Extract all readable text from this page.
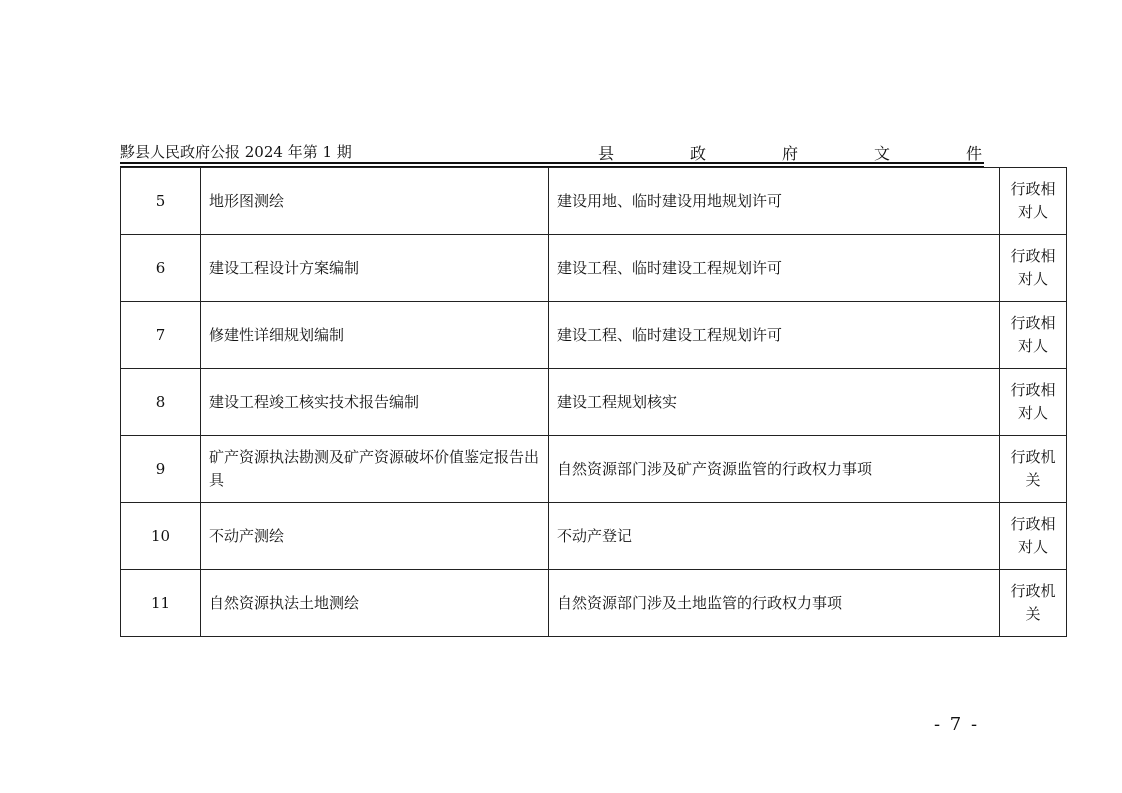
黟县人民政府公报 2024 年第 1 期	县	政	府	文	件
5	地形图测绘	建设用地、临时建设用地规划许可	行政相对人
6	建设工程设计方案编制	建设工程、临时建设工程规划许可	行政相对人
7	修建性详细规划编制	建设工程、临时建设工程规划许可	行政相对人
8	建设工程竣工核实技术报告编制	建设工程规划核实	行政相对人
9	矿产资源执法勘测及矿产资源破坏价值鉴定报告出具	自然资源部门涉及矿产资源监管的行政权力事项	行政机关
10	不动产测绘	不动产登记	行政相对人
11	自然资源执法土地测绘	自然资源部门涉及土地监管的行政权力事项	行政机关
- 7 -
